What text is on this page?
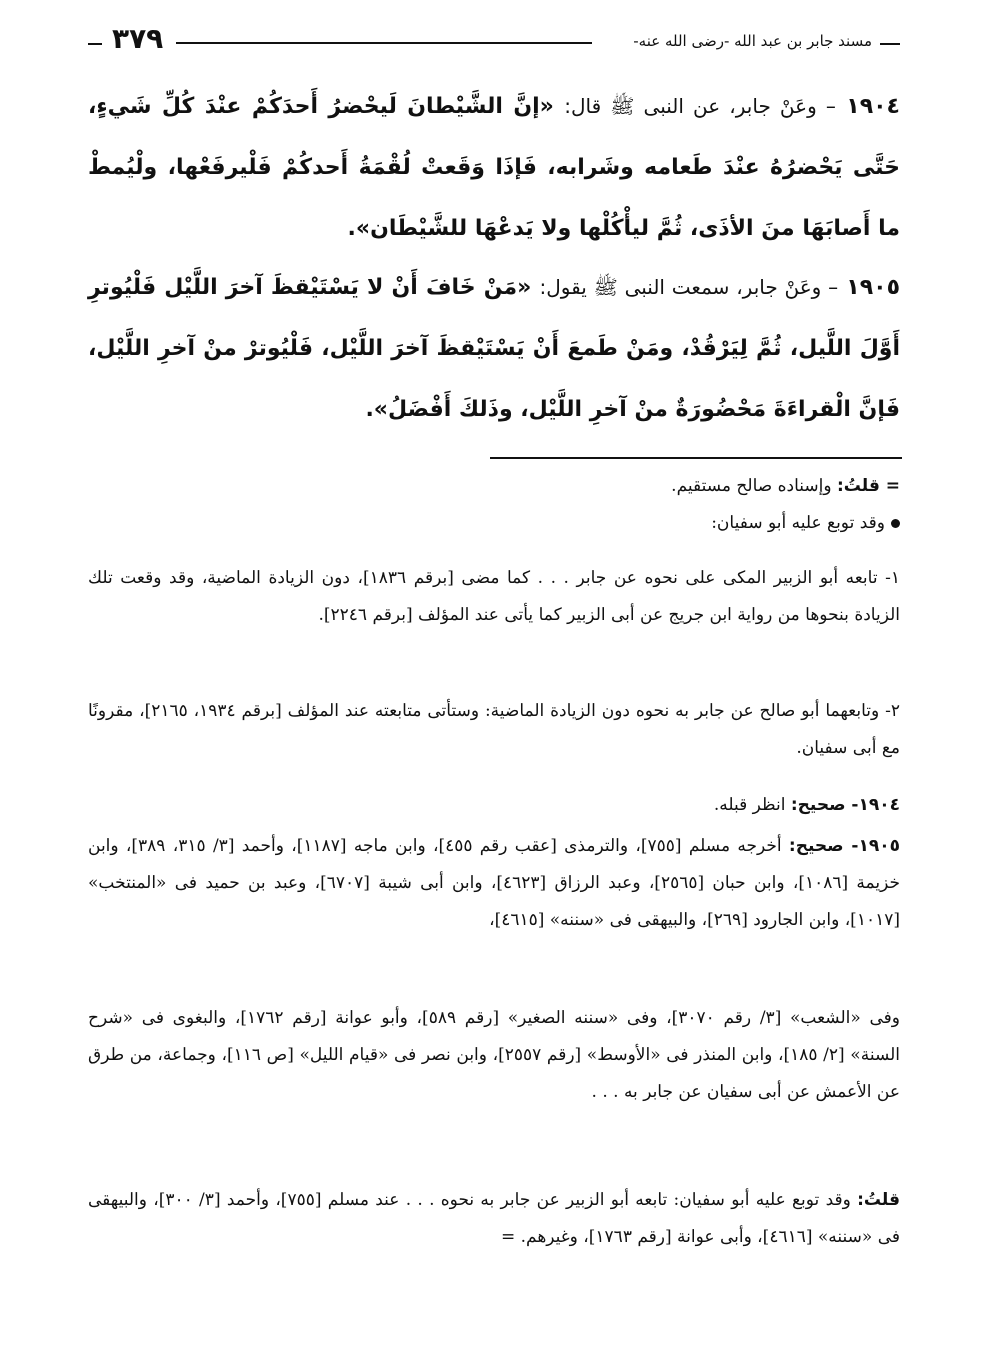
مسند جابر بن عبد الله -رضى الله عنه-
٣٧٩
١٩٠٤ – وعَنْ جابر، عن النبى ﷺ قال: «إنَّ الشَّيْطانَ لَيحْضرُ أَحدَكُمْ عنْدَ كُلِّ شَيءٍ، حَتَّى يَحْضرُهُ عنْدَ طَعامه وشَرابه، فَإذَا وَقَعتْ لُقْمَةُ أَحدكُمْ فَلْيرفَعْها، ولْيُمطْ ما أَصابَهَا منَ الأذَى، ثُمَّ ليأْكُلْها ولا يَدعْهَا للشَّيْطَان».
١٩٠٥ – وعَنْ جابر، سمعت النبى ﷺ يقول: «مَنْ خَافَ أَنْ لا يَسْتَيْقظَ آخرَ اللَّيْل فَلْيُوترِ أَوَّلَ اللَّيل، ثُمَّ لِيَرْقُدْ، ومَنْ طَمعَ أَنْ يَسْتَيْقظَ آخرَ اللَّيْل، فَلْيُوترْ منْ آخرِ اللَّيْل، فَإنَّ الْقراءَةَ مَحْضُورَةٌ منْ آخرِ اللَّيْل، وذَلكَ أَفْضَلُ».

= قلتُ: وإسناده صالح مستقيم.

وقد توبع عليه أبو سفيان:

١- تابعه أبو الزبير المكى على نحوه عن جابر . . . كما مضى [برقم ١٨٣٦]، دون الزيادة الماضية، وقد وقعت تلك الزيادة بنحوها من رواية ابن جريج عن أبى الزبير كما يأتى عند المؤلف [برقم ٢٢٤٦].

٢- وتابعهما أبو صالح عن جابر به نحوه دون الزيادة الماضية: وستأتى متابعته عند المؤلف [برقم ١٩٣٤، ٢١٦٥]، مقرونًا مع أبى سفيان.

١٩٠٤- صحيح: انظر قبله.

١٩٠٥- صحيح: أخرجه مسلم [٧٥٥]، والترمذى [عقب رقم ٤٥٥]، وابن ماجه [١١٨٧]، وأحمد [٣/ ٣١٥، ٣٨٩]، وابن خزيمة [١٠٨٦]، وابن حبان [٢٥٦٥]، وعبد الرزاق [٤٦٢٣]، وابن أبى شيبة [٦٧٠٧]، وعبد بن حميد فى «المنتخب» [١٠١٧]، وابن الجارود [٢٦٩]، والبيهقى فى «سننه» [٤٦١٥]،

وفى «الشعب» [٣/ رقم ٣٠٧٠]، وفى «سننه الصغير» [رقم ٥٨٩]، وأبو عوانة [رقم ١٧٦٢]، والبغوى فى «شرح السنة» [٢/ ١٨٥]، وابن المنذر فى «الأوسط» [رقم ٢٥٥٧]، وابن نصر فى «قيام الليل» [ص ١١٦]، وجماعة، من طرق عن الأعمش عن أبى سفيان عن جابر به . . .

قلتُ: وقد توبع عليه أبو سفيان: تابعه أبو الزبير عن جابر به نحوه . . . عند مسلم [٧٥٥]، وأحمد [٣/ ٣٠٠]، والبيهقى فى «سننه» [٤٦١٦]، وأبى عوانة [رقم ١٧٦٣]، وغيرهم. =
